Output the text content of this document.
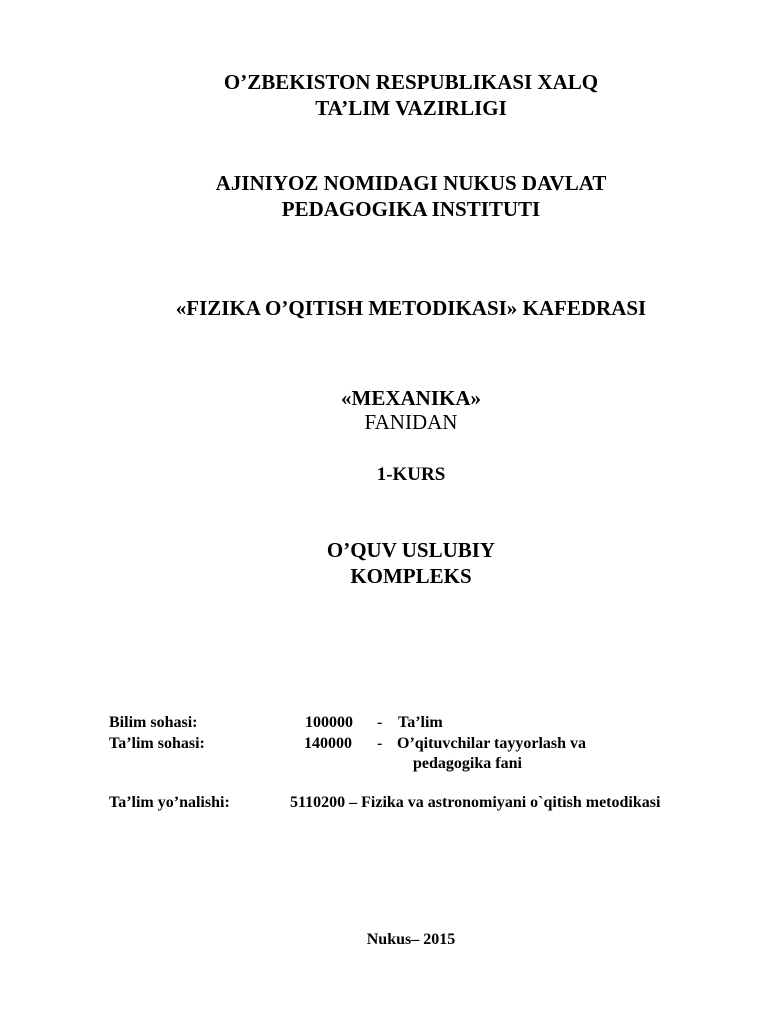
O’ZBEKISTON RESPUBLIKASI XALQ
TA’LIM VAZIRLIGI
AJINIYOZ NOMIDAGI NUKUS DAVLAT
PEDAGOGIKA INSTITUTI
«FIZIKA O’QITISH METODIKASI» KAFEDRASI
«MEXANIKA»
FANIDAN
1-KURS
O’QUV USLUBIY
KOMPLEKS
Bilim sohasi:	100000 - Ta’lim
Ta’lim sohasi:	140000 - O’qituvchilar tayyorlash va
pedagogika fani
Ta’lim yo’nalishi:	5110200 – Fizika va astronomiyani o`qitish metodikasi
Nukus– 2015
